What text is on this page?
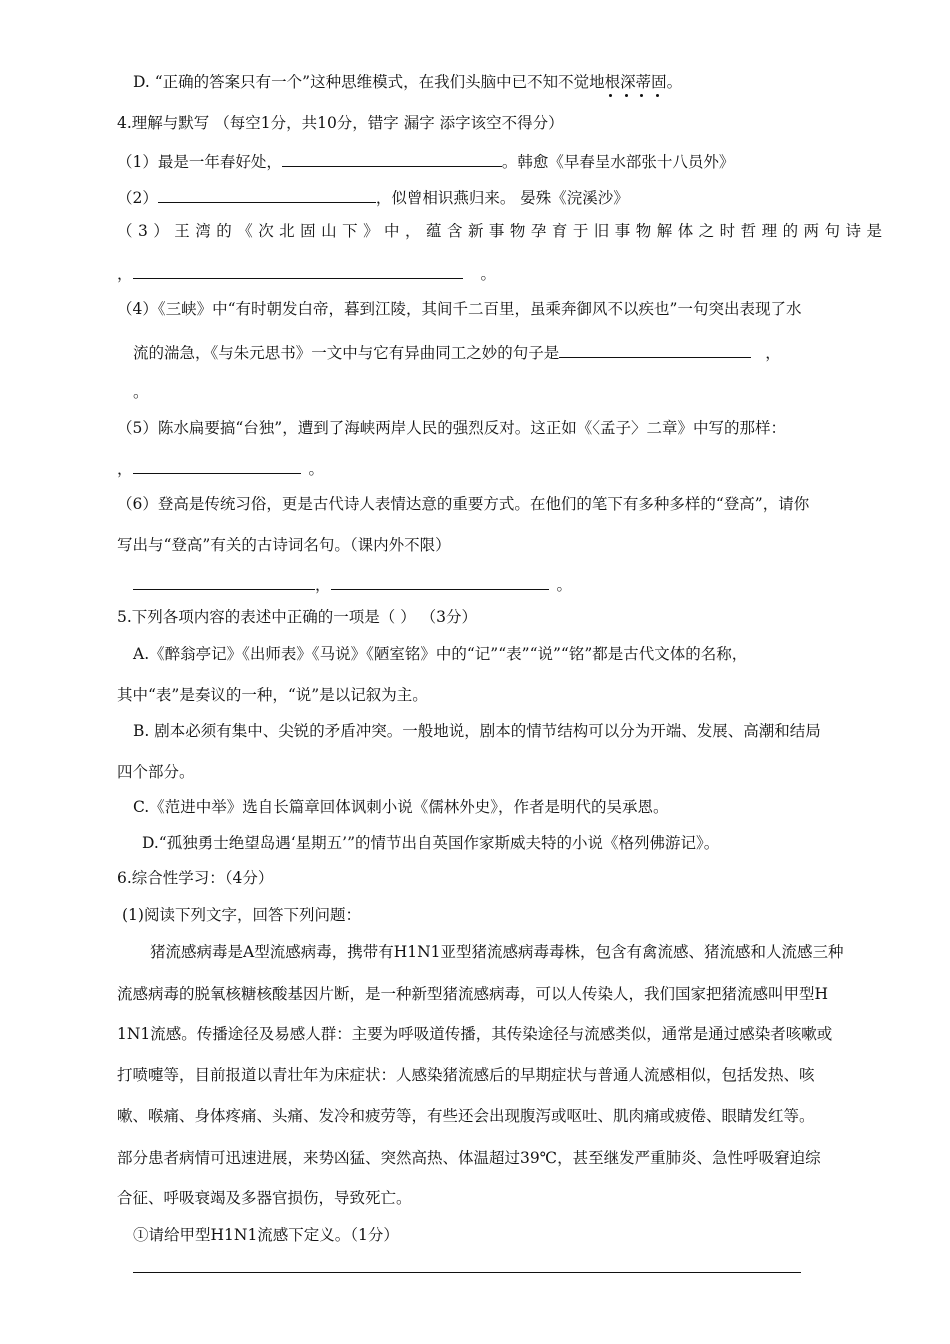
D. “正确的答案只有一个”这种思维模式，在我们头脑中已不知不觉地根深蒂固。
4.理解与默写 （每空1分，共10分，错字 漏字 添字该空不得分）
（1）最是一年春好处，	。韩愈《早春呈水部张十八员外》
（2）	，似曾相识燕归来。 晏殊《浣溪沙》
（3）王湾的《次北固山下》中，蕴含新事物孕育于旧事物解体之时哲理的两句诗是
，	。
（4）《三峡》中“有时朝发白帝，暮到江陵，其间千二百里，虽乘奔御风不以疾也”一句突出表现了水
流的湍急，《与朱元思书》一文中与它有异曲同工之妙的句子是	，
。
（5）陈水扁要搞“台独”，遭到了海峡两岸人民的强烈反对。这正如《〈孟子〉二章》中写的那样：
，	。
（6）登高是传统习俗，更是古代诗人表情达意的重要方式。在他们的笔下有多种多样的“登高”，请你
写出与“登高”有关的古诗词名句。（课内外不限）
，	。
5.下列各项内容的表述中正确的一项是（ ） （3分）
A.《醉翁亭记》《出师表》《马说》《陋室铭》中的“记”“表”“说”“铭”都是古代文体的名称，
其中“表”是奏议的一种，“说”是以记叙为主。
B. 剧本必须有集中、尖锐的矛盾冲突。一般地说，剧本的情节结构可以分为开端、发展、高潮和结局
四个部分。
C.《范进中举》选自长篇章回体讽刺小说《儒林外史》，作者是明代的吴承恩。
D.“孤独勇士绝望岛遇‘星期五’”的情节出自英国作家斯威夫特的小说《格列佛游记》。
6.综合性学习：（4分）
(1)阅读下列文字，回答下列问题：
猪流感病毒是A型流感病毒，携带有H1N1亚型猪流感病毒毒株，包含有禽流感、猪流感和人流感三种
流感病毒的脱氧核糖核酸基因片断，是一种新型猪流感病毒，可以人传染人，我们国家把猪流感叫甲型H
1N1流感。传播途径及易感人群：主要为呼吸道传播，其传染途径与流感类似，通常是通过感染者咳嗽或
打喷嚏等，目前报道以青壮年为床症状：人感染猪流感后的早期症状与普通人流感相似，包括发热、咳
嗽、喉痛、身体疼痛、头痛、发冷和疲劳等，有些还会出现腹泻或呕吐、肌肉痛或疲倦、眼睛发红等。
部分患者病情可迅速进展，来势凶猛、突然高热、体温超过39℃，甚至继发严重肺炎、急性呼吸窘迫综
合征、呼吸衰竭及多器官损伤，导致死亡。
①请给甲型H1N1流感下定义。（1分）
